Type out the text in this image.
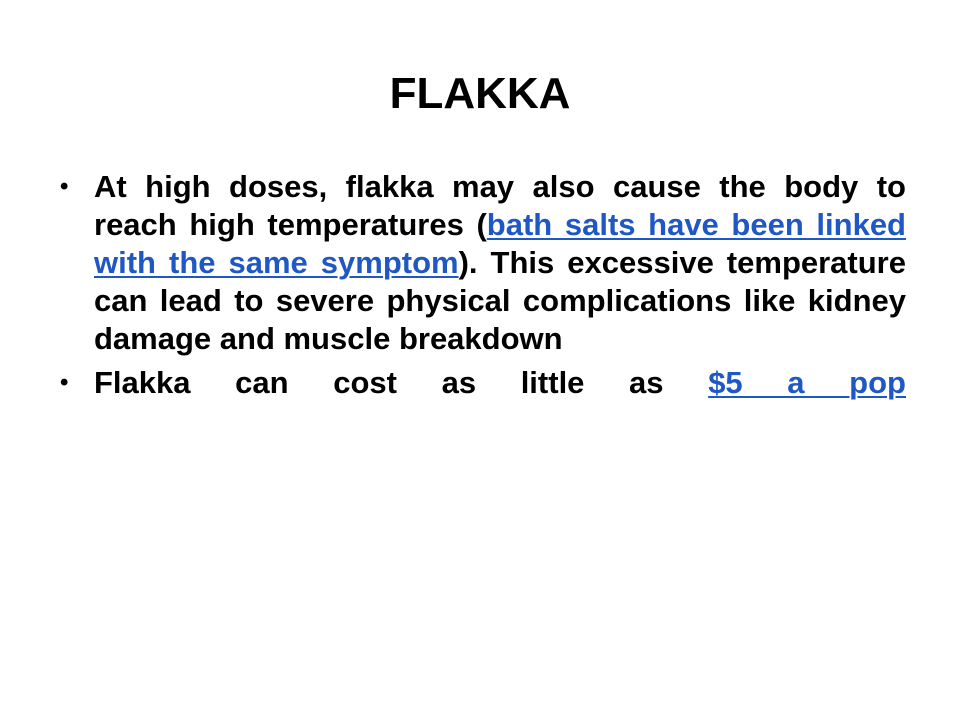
FLAKKA
• At high doses, flakka may also cause the body to reach high temperatures (bath salts have been linked with the same symptom). This excessive temperature can lead to severe physical complications like kidney damage and muscle breakdown
• Flakka can cost as little as $5 a pop
